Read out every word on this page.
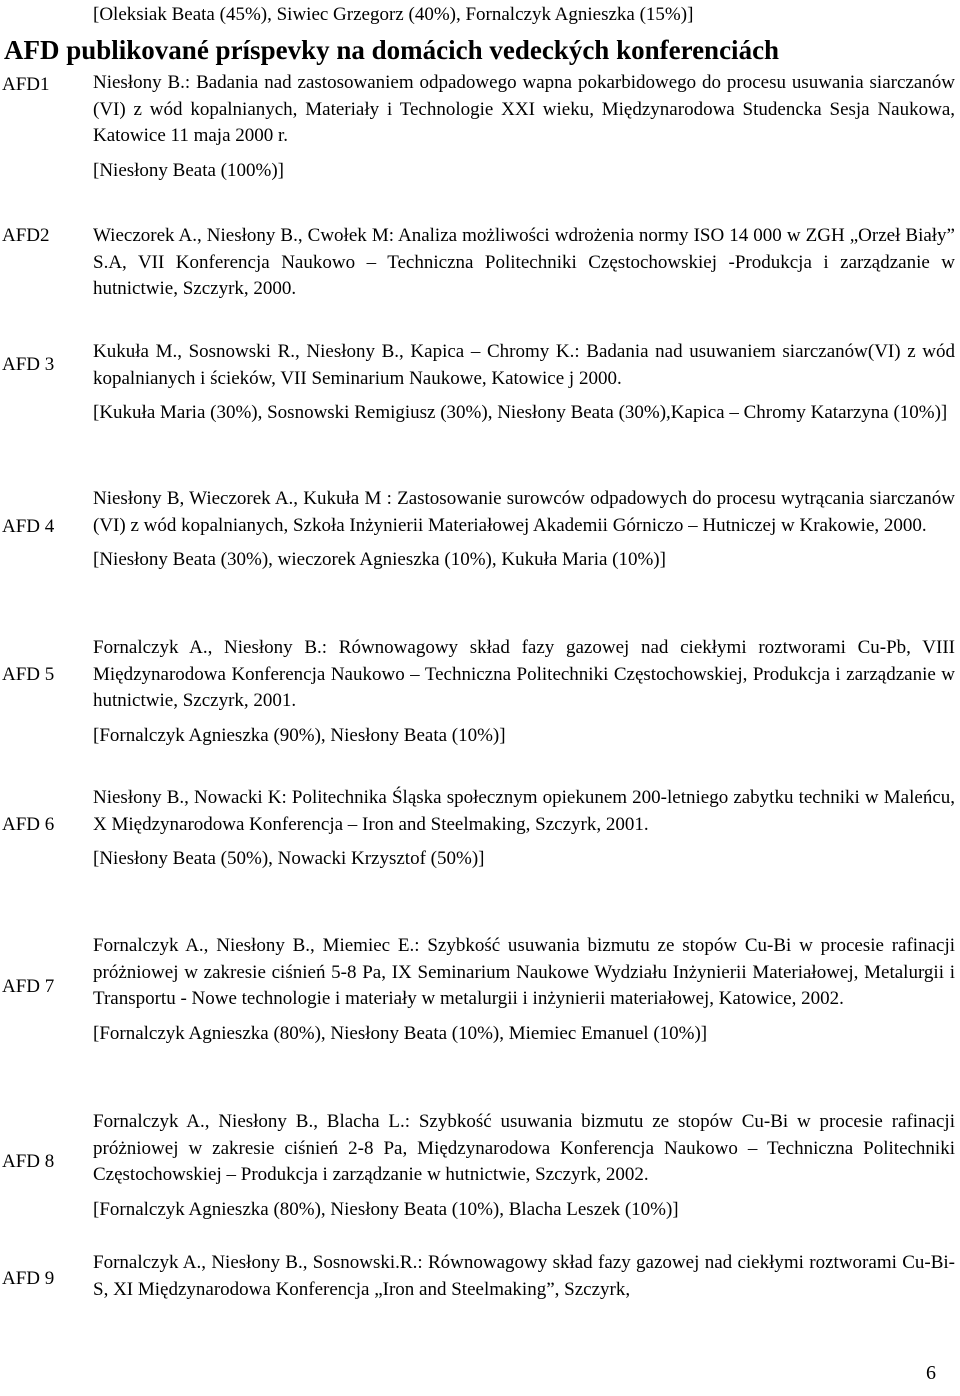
[Oleksiak Beata (45%), Siwiec Grzegorz (40%), Fornalczyk Agnieszka (15%)]
AFD publikované príspevky na domácich vedeckých konferenciách
AFD1	Niesłony B.: Badania nad zastosowaniem odpadowego wapna pokarbidowego do procesu usuwania siarczanów (VI) z wód kopalnianych, Materiały i Technologie XXI wieku, Międzynarodowa Studencka Sesja Naukowa, Katowice 11 maja 2000 r.

[Niesłony Beata (100%)]

AFD2	Wieczorek A., Niesłony B., Cwołek M: Analiza możliwości wdrożenia normy ISO 14 000 w ZGH „Orzeł Biały” S.A, VII Konferencja Naukowo – Techniczna Politechniki Częstochowskiej -Produkcja i zarządzanie w hutnictwie, Szczyrk, 2000.

AFD 3

Kukuła M., Sosnowski R., Niesłony B., Kapica – Chromy K.: Badania nad usuwaniem siarczanów(VI) z wód kopalnianych i ścieków, VII Seminarium Naukowe, Katowice j 2000.

[Kukuła Maria (30%), Sosnowski Remigiusz (30%), Niesłony Beata (30%),Kapica – Chromy Katarzyna (10%)]

AFD 4

Niesłony B, Wieczorek A., Kukuła M : Zastosowanie surowców odpadowych do procesu wytrącania siarczanów (VI) z wód kopalnianych, Szkoła Inżynierii Materiałowej Akademii Górniczo – Hutniczej w Krakowie, 2000.

[Niesłony Beata (30%), wieczorek Agnieszka (10%), Kukuła Maria (10%)]

AFD 5

Fornalczyk A., Niesłony B.: Równowagowy skład fazy gazowej nad ciekłymi roztworami Cu-Pb, VIII Międzynarodowa Konferencja Naukowo – Techniczna Politechniki Częstochowskiej, Produkcja i zarządzanie w hutnictwie, Szczyrk, 2001.

[Fornalczyk Agnieszka (90%), Niesłony Beata (10%)]

AFD 6

Niesłony B., Nowacki K: Politechnika Śląska społecznym opiekunem 200-letniego zabytku techniki w Maleńcu, X Międzynarodowa Konferencja – Iron and Steelmaking, Szczyrk, 2001.

[Niesłony Beata (50%), Nowacki Krzysztof (50%)]

AFD 7

Fornalczyk A., Niesłony B., Miemiec E.: Szybkość usuwania bizmutu ze stopów Cu-Bi w procesie rafinacji próżniowej w zakresie ciśnień 5-8 Pa, IX Seminarium Naukowe Wydziału Inżynierii Materiałowej, Metalurgii i Transportu - Nowe technologie i materiały w metalurgii i inżynierii materiałowej, Katowice, 2002.

[Fornalczyk Agnieszka (80%), Niesłony Beata (10%), Miemiec Emanuel (10%)]

AFD 8

Fornalczyk A., Niesłony B., Blacha L.: Szybkość usuwania bizmutu ze stopów Cu-Bi w procesie rafinacji próżniowej w zakresie ciśnień 2-8 Pa, Międzynarodowa Konferencja Naukowo – Techniczna Politechniki Częstochowskiej – Produkcja i zarządzanie w hutnictwie, Szczyrk, 2002.

[Fornalczyk Agnieszka (80%), Niesłony Beata (10%), Blacha Leszek (10%)]

AFD 9

Fornalczyk A., Niesłony B., Sosnowski.R.: Równowagowy skład fazy gazowej nad ciekłymi roztworami Cu-Bi-S, XI Międzynarodowa Konferencja „Iron and Steelmaking”, Szczyrk,

6
